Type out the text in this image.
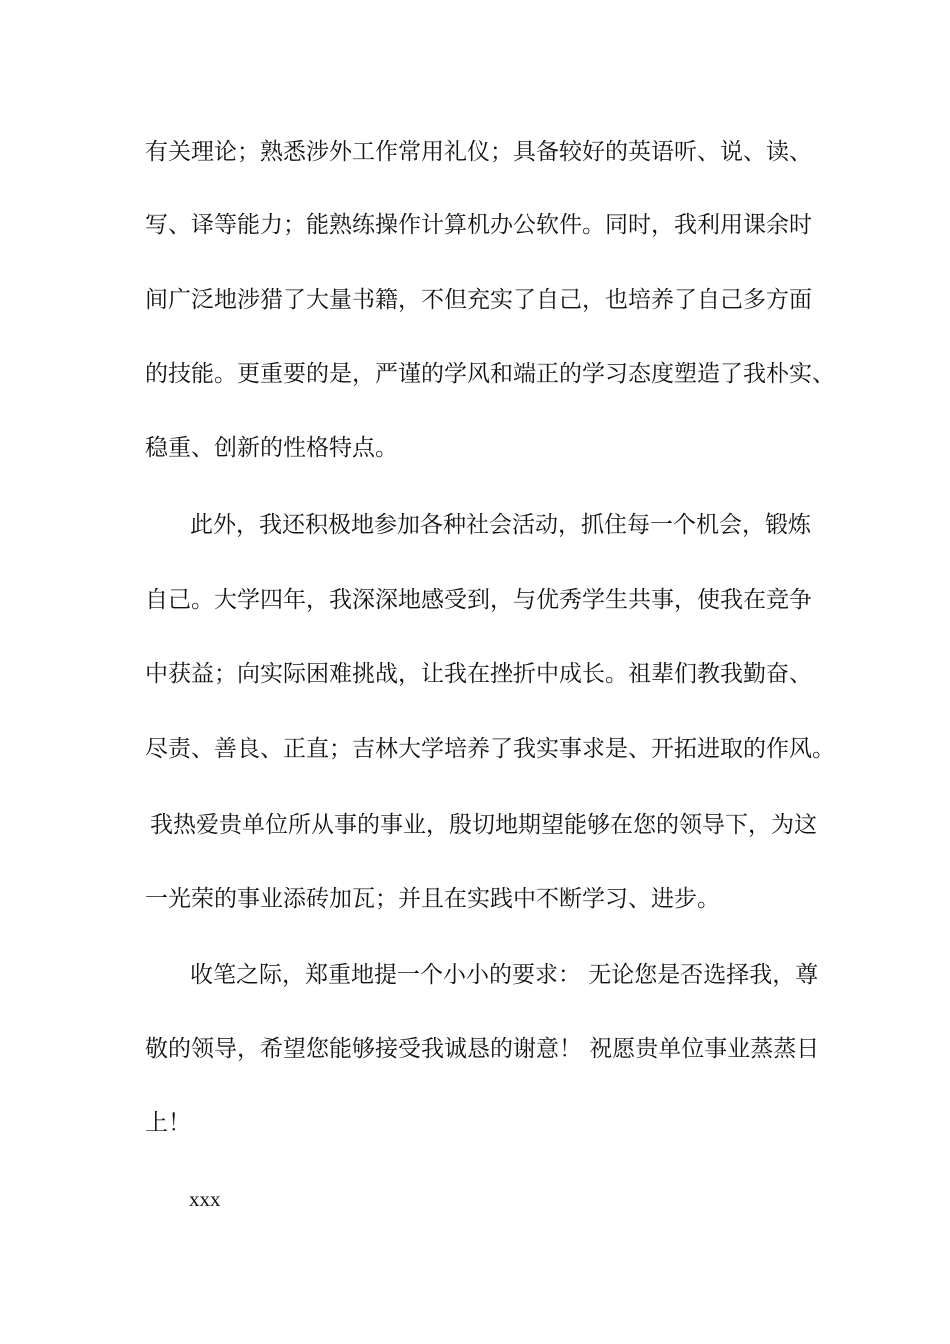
有关理论；熟悉涉外工作常用礼仪；具备较好的英语听、说、读、
写、译等能力；能熟练操作计算机办公软件。同时，我利用课余时
间广泛地涉猎了大量书籍，不但充实了自己，也培养了自己多方面
的技能。更重要的是，严谨的学风和端正的学习态度塑造了我朴实、
稳重、创新的性格特点。
此外，我还积极地参加各种社会活动，抓住每一个机会，锻炼
自己。大学四年，我深深地感受到，与优秀学生共事，使我在竞争
中获益；向实际困难挑战，让我在挫折中成长。祖辈们教我勤奋、
尽责、善良、正直；吉林大学培养了我实事求是、开拓进取的作风。
我热爱贵单位所从事的事业，殷切地期望能够在您的领导下，为这
一光荣的事业添砖加瓦；并且在实践中不断学习、进步。
收笔之际，郑重地提一个小小的要求： 无论您是否选择我，尊
敬的领导，希望您能够接受我诚恳的谢意！ 祝愿贵单位事业蒸蒸日
上！
xxx
